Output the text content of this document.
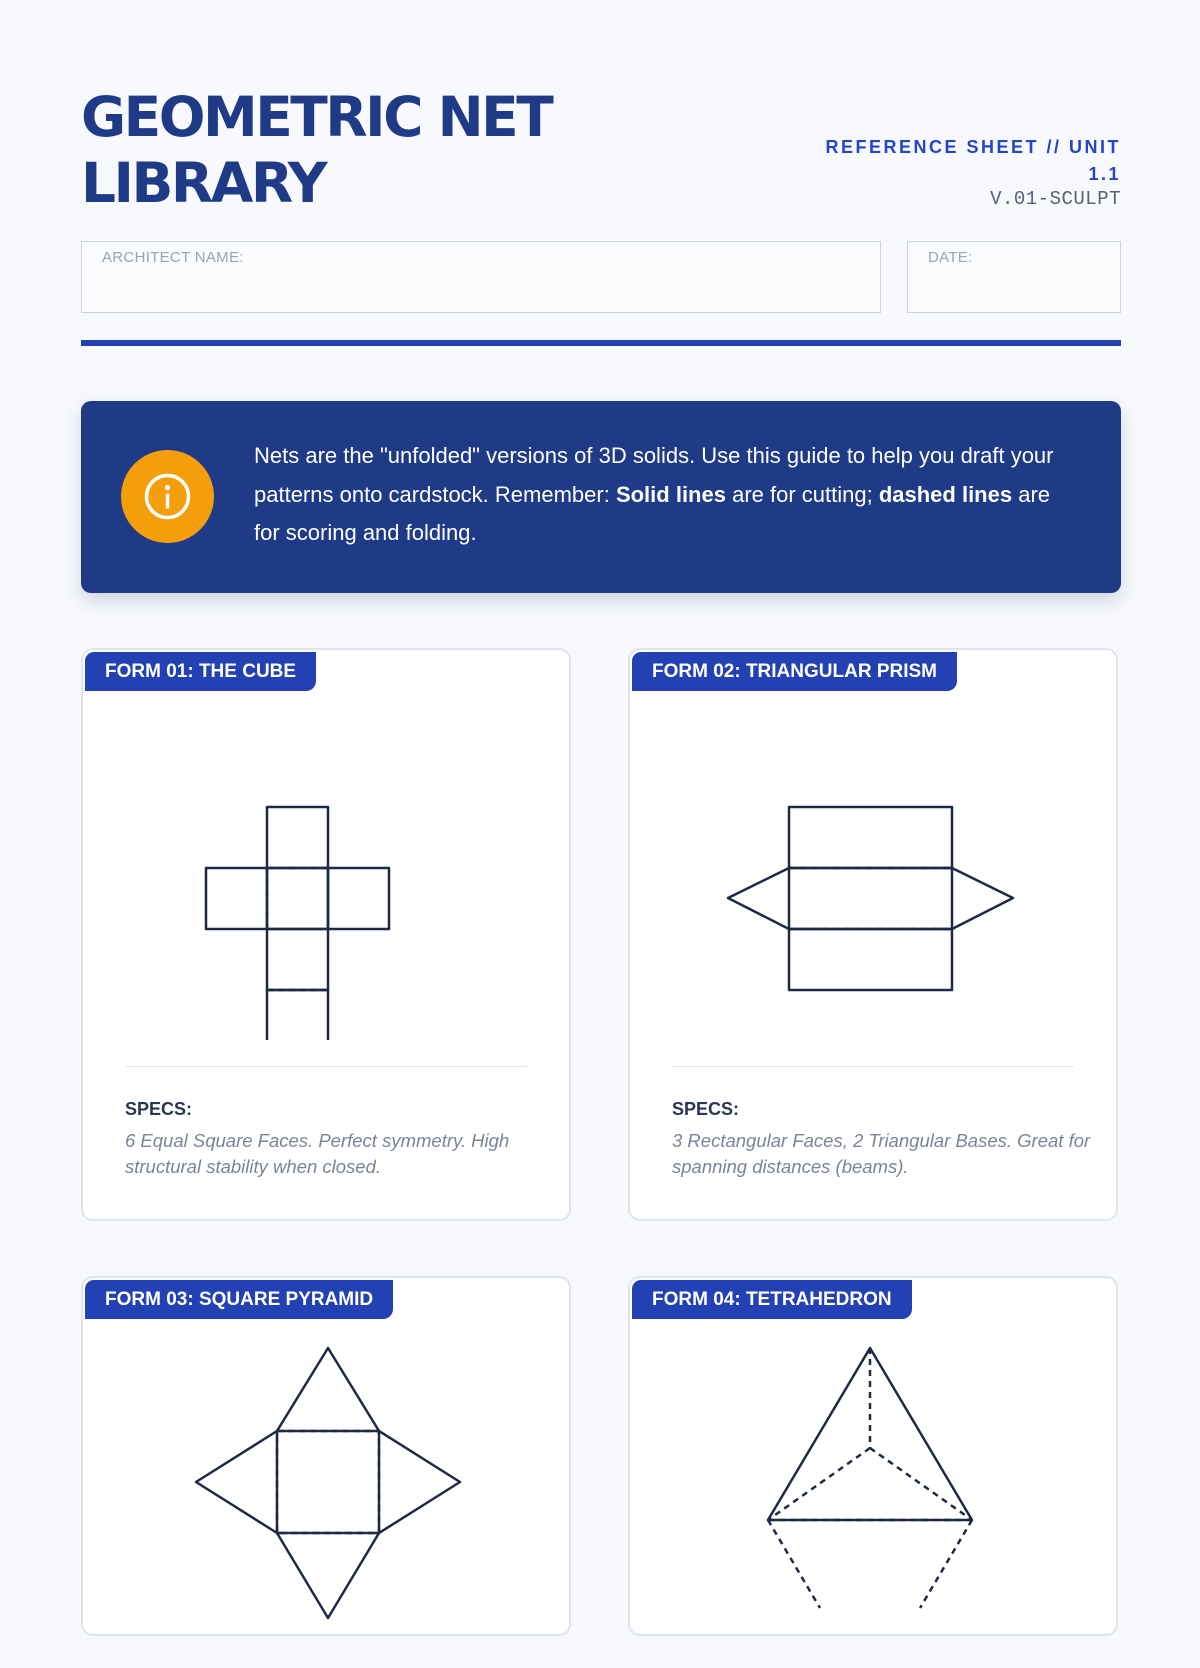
GEOMETRIC NET
LIBRARY
REFERENCE SHEET // UNIT
1.1
V.01-SCULPT
ARCHITECT NAME:	DATE:
Nets are the "unfolded" versions of 3D solids. Use this guide to help you draft your patterns onto cardstock. Remember: Solid lines are for cutting; dashed lines are for scoring and folding.
FORM 01: THE CUBE
SPECS:
6 Equal Square Faces. Perfect symmetry. High structural stability when closed.
FORM 02: TRIANGULAR PRISM
SPECS:
3 Rectangular Faces, 2 Triangular Bases. Great for spanning distances (beams).
FORM 03: SQUARE PYRAMID	FORM 04: TETRAHEDRON
